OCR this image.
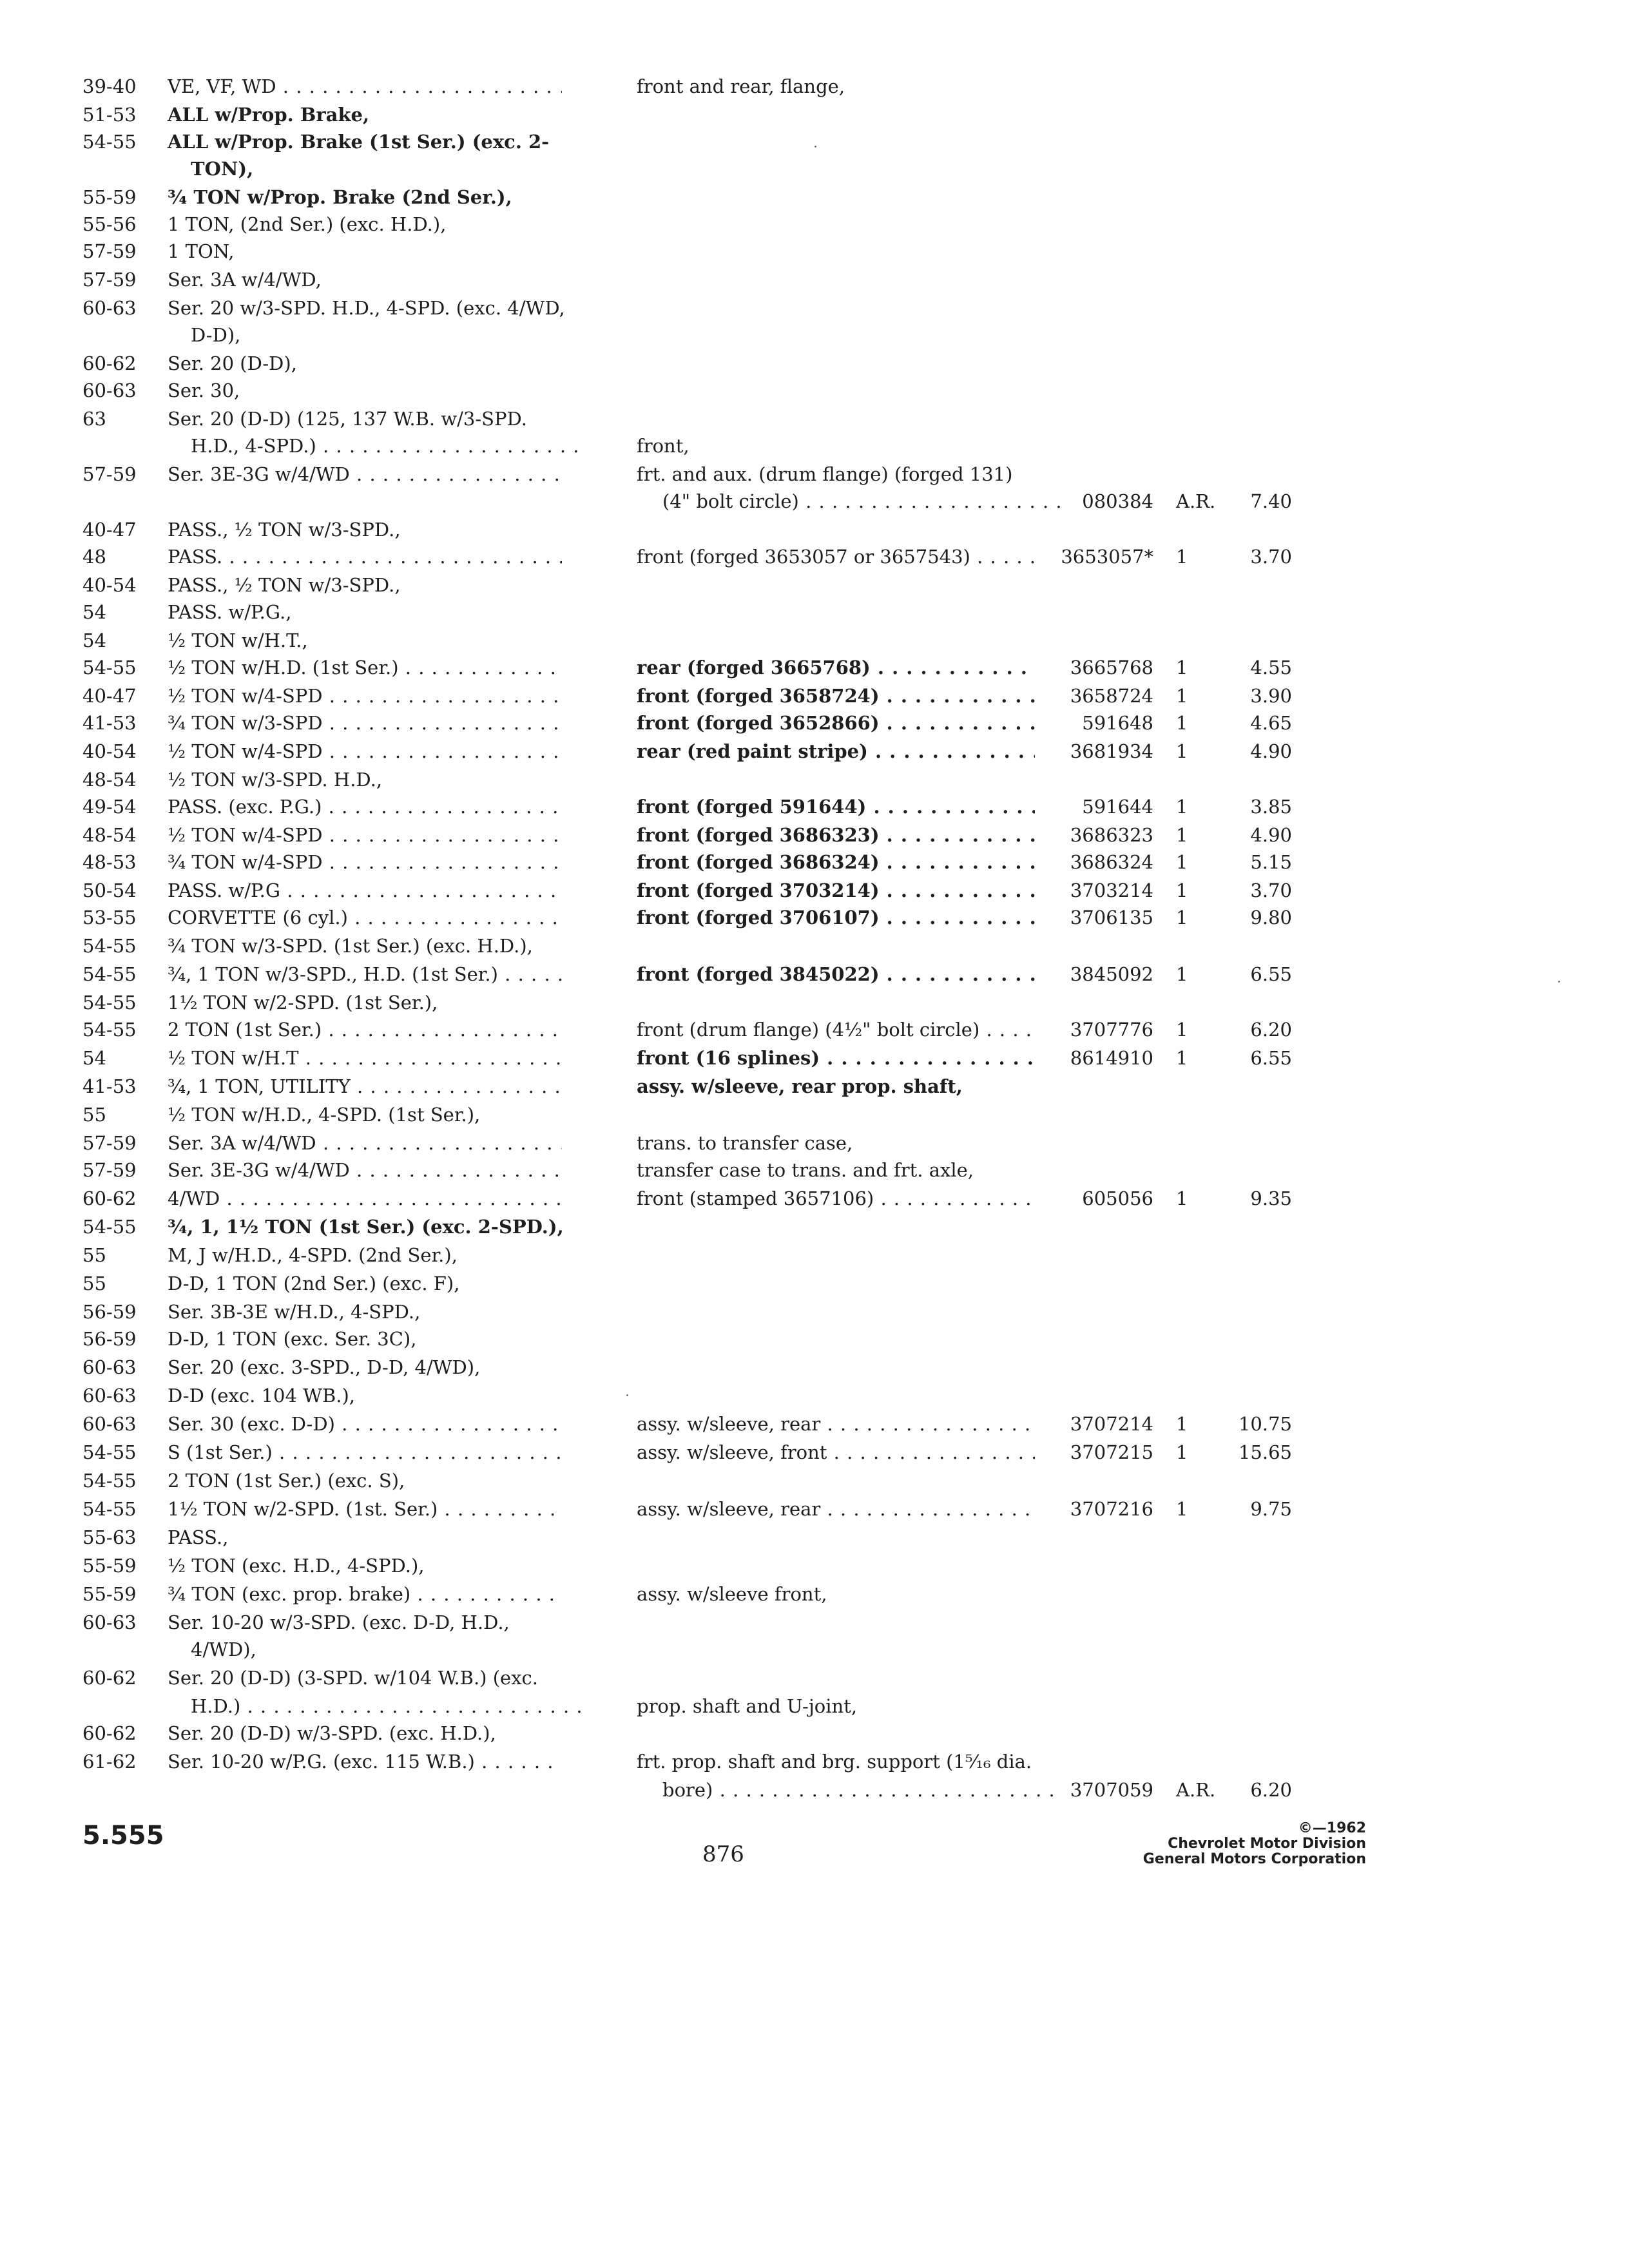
39-40 VE, VF, WD . . .	front and rear, flange,
51-53 ALL w/Prop. Brake,
54-55 ALL w/Prop. Brake (1st Ser.) (exc. 2-
TON),
55-59 ¾ TON w/Prop. Brake (2nd Ser.),
55-56 1 TON, (2nd Ser.) (exc. H.D.),
57-59 1 TON,
57-59 Ser. 3A w/4/WD,
60-63 Ser. 20 w/3-SPD. H.D., 4-SPD. (exc. 4/WD,
D-D),
60-62 Ser. 20 (D-D),
60-63 Ser. 30,
63	Ser. 20 (D-D) (125, 137 W.B. w/3-SPD.
H.D., 4-SPD.) . . .	front,
57-59 Ser. 3E-3G w/4/WD . . .	frt. and aux. (drum flange) (forged 131)
(4" bolt circle) . . .	080384 A.R.	7.40
40-47 PASS., ½ TON w/3-SPD.,
48	PASS. . . .	front (forged 3653057 or 3657543) . . .	3653057* 1	3.70
40-54 PASS., ½ TON w/3-SPD.,
54	PASS. w/P.G.,
54	½ TON w/H.T.,
54-55 ½ TON w/H.D. (1st Ser.) . . .	rear (forged 3665768) . . .	3665768 1	4.55
40-47 ½ TON w/4-SPD . . .	front (forged 3658724) . . .	3658724 1	3.90
41-53 ¾ TON w/3-SPD . . .	front (forged 3652866) . . .	591648 1	4.65
40-54 ½ TON w/4-SPD . . .	rear (red paint stripe) . . .	3681934 1	4.90
48-54 ½ TON w/3-SPD. H.D.,
49-54 PASS. (exc. P.G.) . . .	front (forged 591644) . . .	591644 1	3.85
48-54 ½ TON w/4-SPD . . .	front (forged 3686323) . . .	3686323 1	4.90
48-53 ¾ TON w/4-SPD . . .	front (forged 3686324) . . .	3686324 1	5.15
50-54 PASS. w/P.G . . .	front (forged 3703214) . . .	3703214 1	3.70
53-55 CORVETTE (6 cyl.) . . .	front (forged 3706107) . . .	3706135 1	9.80
54-55 ¾ TON w/3-SPD. (1st Ser.) (exc. H.D.),
54-55 ¾, 1 TON w/3-SPD., H.D. (1st Ser.) . . .	front (forged 3845022) . . .	3845092 1	6.55
54-55 1½ TON w/2-SPD. (1st Ser.),
54-55 2 TON (1st Ser.) . . .	front (drum flange) (4½" bolt circle) . . .	3707776 1	6.20
54	½ TON w/H.T . . .	front (16 splines) . . .	8614910 1	6.55
41-53 ¾, 1 TON, UTILITY . . .	assy. w/sleeve, rear prop. shaft,
55	½ TON w/H.D., 4-SPD. (1st Ser.),
57-59 Ser. 3A w/4/WD . . .	trans. to transfer case,
57-59 Ser. 3E-3G w/4/WD . . .	transfer case to trans. and frt. axle,
60-62 4/WD . . .	front (stamped 3657106) . . .	605056 1	9.35
54-55 ¾, 1, 1½ TON (1st Ser.) (exc. 2-SPD.),
55	M, J w/H.D., 4-SPD. (2nd Ser.),
55	D-D, 1 TON (2nd Ser.) (exc. F),
56-59 Ser. 3B-3E w/H.D., 4-SPD.,
56-59 D-D, 1 TON (exc. Ser. 3C),
60-63 Ser. 20 (exc. 3-SPD., D-D, 4/WD),
60-63 D-D (exc. 104 WB.),
60-63 Ser. 30 (exc. D-D) . . .	assy. w/sleeve, rear . . .	3707214 1	10.75
54-55 S (1st Ser.) . . .	assy. w/sleeve, front . . .	3707215 1	15.65
54-55 2 TON (1st Ser.) (exc. S),
54-55 1½ TON w/2-SPD. (1st. Ser.) . . .	assy. w/sleeve, rear . . .	3707216 1	9.75
55-63 PASS.,
55-59 ½ TON (exc. H.D., 4-SPD.),
55-59 ¾ TON (exc. prop. brake) . . .	assy. w/sleeve front,
60-63 Ser. 10-20 w/3-SPD. (exc. D-D, H.D.,
4/WD),
60-62 Ser. 20 (D-D) (3-SPD. w/104 W.B.) (exc.
H.D.) . . .	prop. shaft and U-joint,
60-62 Ser. 20 (D-D) w/3-SPD. (exc. H.D.),
61-62 Ser. 10-20 w/P.G. (exc. 115 W.B.) . . .	frt. prop. shaft and brg. support (1⁵⁄₁₆ dia.
bore) . . .	3707059 A.R.	6.20
5.555
876
©—1962
Chevrolet Motor Division
General Motors Corporation
